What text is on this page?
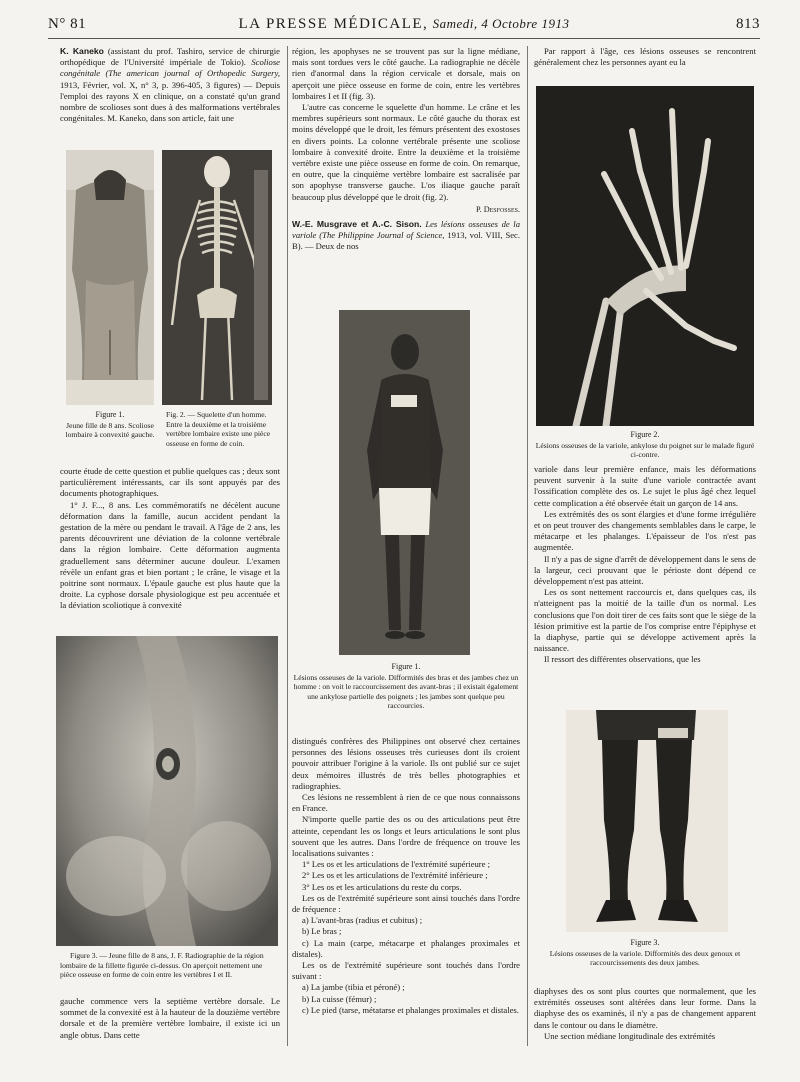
N° 81	LA PRESSE MÉDICALE, Samedi, 4 Octobre 1913	813

K. Kaneko (assistant du prof. Tashiro, service de chirurgie orthopédique de l'Université impériale de Tokio). Scoliose congénitale (The american journal of Orthopedic Surgery, 1913, Février, vol. X, n° 3, p. 396-405, 3 figures) — Depuis l'emploi des rayons X en clinique, on a constaté qu'un grand nombre de scolioses sont dues à des malformations vertébrales congénitales. M. Kaneko, dans son article, fait une

Figure 1.
Jeune fille de 8 ans. Scoliose lombaire à convexité gauche.
Fig. 2. — Squelette d'un homme. Entre la deuxième et la troisième vertèbre lombaire existe une pièce osseuse en forme de coin.

courte étude de cette question et publie quelques cas ; deux sont particulièrement intéressants, car ils sont appuyés par des documents photographiques.

1° J. F..., 8 ans. Les commémoratifs ne décèlent aucune déformation dans la famille, aucun accident pendant la gestation de la mère ou pendant le travail. A l'âge de 2 ans, les parents découvrirent une déviation de la colonne vertébrale dans la région lombaire. Cette déformation augmenta graduellement sans déterminer aucune douleur. L'examen révèle un enfant gras et bien portant ; le crâne, le visage et la poitrine sont normaux. L'épaule gauche est plus haute que la droite. La cyphose dorsale physiologique est peu accentuée et la déviation scoliotique à convexité

Figure 3. — Jeune fille de 8 ans, J. F. Radiographie de la région lombaire de la fillette figurée ci-dessus. On aperçoit nettement une pièce osseuse en forme de coin entre les vertèbres I et II.

gauche commence vers la septième vertèbre dorsale. Le sommet de la convexité est à la hauteur de la douzième vertèbre dorsale et de la première vertèbre lombaire, il existe ici un angle obtus. Dans cette

région, les apophyses ne se trouvent pas sur la ligne médiane, mais sont tordues vers le côté gauche. La radiographie ne décèle rien d'anormal dans la région cervicale et dorsale, mais on aperçoit une pièce osseuse en forme de coin, entre les vertèbres lombaires I et II (fig. 3).

L'autre cas concerne le squelette d'un homme. Le crâne et les membres supérieurs sont normaux. Le côté gauche du thorax est moins développé que le droit, les fémurs présentent des exostoses en divers points. La colonne vertébrale présente une scoliose lombaire à convexité droite. Entre la deuxième et la troisième vertèbre existe une pièce osseuse en forme de coin. On remarque, en outre, que la cinquième vertèbre lombaire est sacralisée par son apophyse transverse gauche. L'os iliaque gauche paraît beaucoup plus développé que le droit (fig. 2).

P. Desfosses.

W.-E. Musgrave et A.-C. Sison. Les lésions osseuses de la variole (The Philippine Journal of Science, 1913, vol. VIII, Sec. B). — Deux de nos

Figure 1.
Lésions osseuses de la variole. Difformités des bras et des jambes chez un homme : on voit le raccourcissement des avant-bras ; il existait également une ankylose partielle des poignets ; les jambes sont quelque peu raccourcies.

distingués confrères des Philippines ont observé chez certaines personnes des lésions osseuses très curieuses dont ils croient pouvoir attribuer l'origine à la variole. Ils ont publié sur ce sujet deux mémoires illustrés de très belles photographies et radiographies.

Ces lésions ne ressemblent à rien de ce que nous connaissons en France.

N'importe quelle partie des os ou des articulations peut être atteinte, cependant les os longs et leurs articulations le sont plus souvent que les autres. Dans l'ordre de fréquence on trouve les localisations suivantes :

1° Les os et les articulations de l'extrémité supérieure ;

2° Les os et les articulations de l'extrémité inférieure ;

3° Les os et les articulations du reste du corps.

Les os de l'extrémité supérieure sont ainsi touchés dans l'ordre de fréquence :

a) L'avant-bras (radius et cubitus) ;

b) Le bras ;

c) La main (carpe, métacarpe et phalanges proximales et distales).

Les os de l'extrémité supérieure sont touchés dans l'ordre suivant :

a) La jambe (tibia et péroné) ;

b) La cuisse (fémur) ;

c) Le pied (tarse, métatarse et phalanges proximales et distales.

Par rapport à l'âge, ces lésions osseuses se rencontrent généralement chez les personnes ayant eu la

Figure 2.
Lésions osseuses de la variole, ankylose du poignet sur le malade figuré ci-contre.

variole dans leur première enfance, mais les déformations peuvent survenir à la suite d'une variole contractée avant l'ossification complète des os. Le sujet le plus âgé chez lequel cette complication a été observée était un garçon de 14 ans.

Les extrémités des os sont élargies et d'une forme irrégulière et on peut trouver des changements semblables dans le carpe, le métacarpe et les phalanges. L'épaisseur de l'os n'est pas augmentée.

Il n'y a pas de signe d'arrêt de développement dans le sens de la largeur, ceci prouvant que le périoste dont dépend ce développement n'est pas atteint.

Les os sont nettement raccourcis et, dans quelques cas, ils n'atteignent pas la moitié de la taille d'un os normal. Les conclusions que l'on doit tirer de ces faits sont que le siège de la lésion primitive est la partie de l'os comprise entre l'épiphyse et la diaphyse, partie qui se développe activement après la naissance.

Il ressort des différentes observations, que les

Figure 3.
Lésions osseuses de la variole. Difformités des deux genoux et raccourcissements des deux jambes.

diaphyses des os sont plus courtes que normalement, que les extrémités osseuses sont altérées dans leur forme. Dans la diaphyse des os examinés, il n'y a pas de changement apparent dans le contour ou dans le diamètre.

Une section médiane longitudinale des extrémités
